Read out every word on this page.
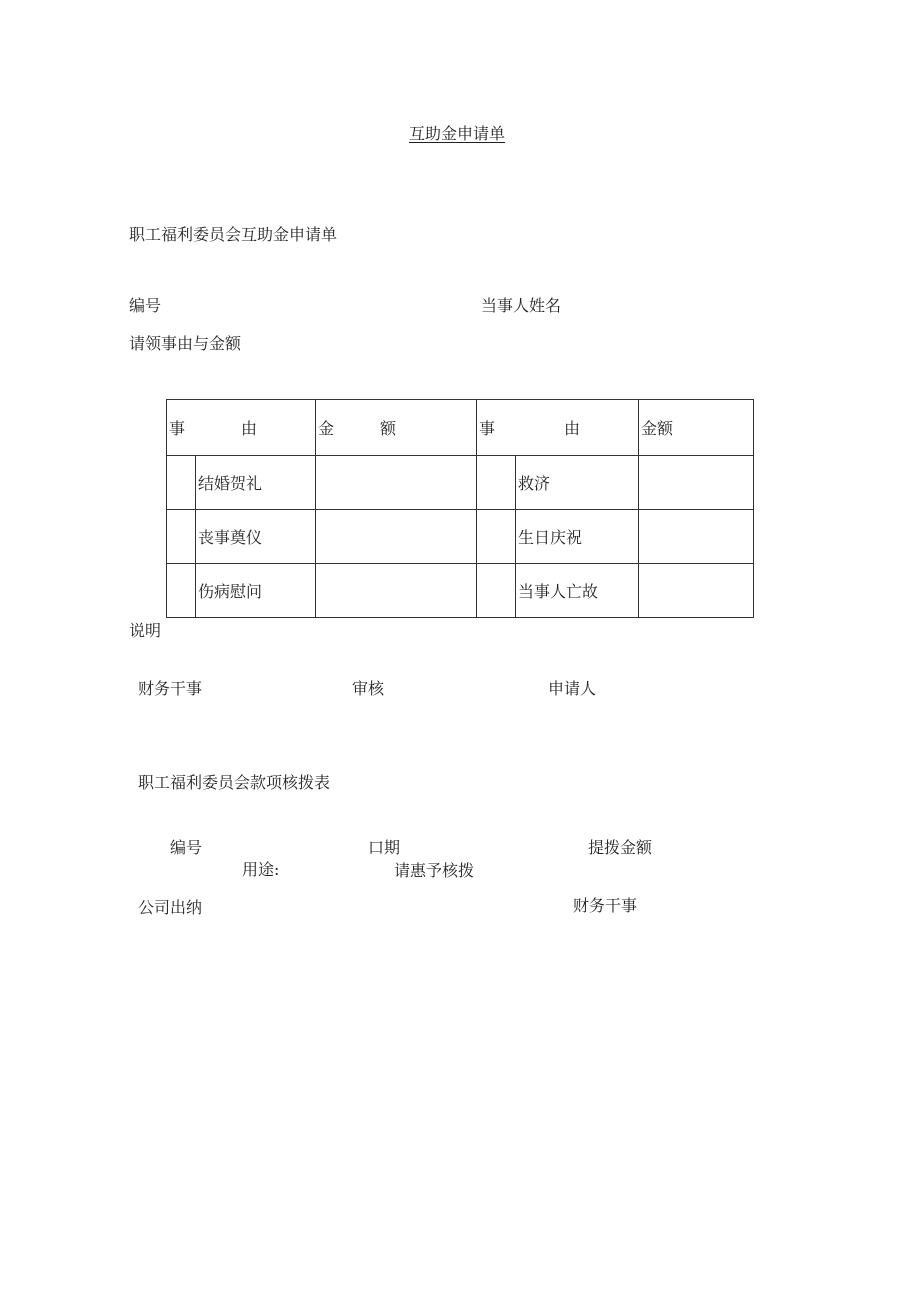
互助金申请单
职工福利委员会互助金申请单
编号	当事人姓名
请领事由与金额
事 由		金 额	事 由		金额
	结婚贺礼			救济	
	丧事奠仪			生日庆祝	
	伤病慰问			当事人亡故	
说明
财务干事	审核	申请人
职工福利委员会款项核拨表
编号	口期	提拨金额
用途:	请惠予核拨
公司出纳	财务干事
